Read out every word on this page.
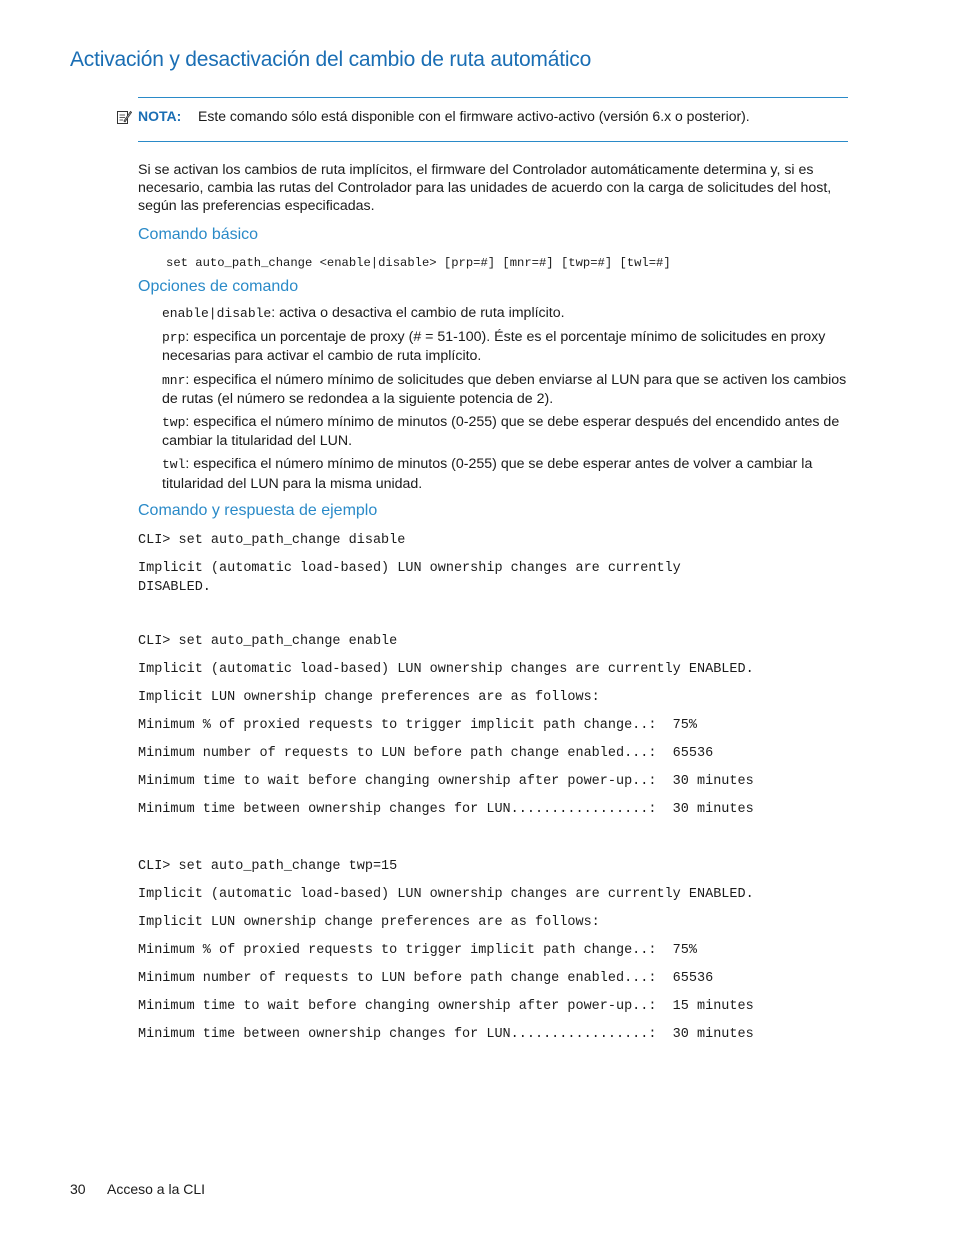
Activación y desactivación del cambio de ruta automático
NOTA: Este comando sólo está disponible con el firmware activo-activo (versión 6.x o posterior).
Si se activan los cambios de ruta implícitos, el firmware del Controlador automáticamente determina y, si es necesario, cambia las rutas del Controlador para las unidades de acuerdo con la carga de solicitudes del host, según las preferencias especificadas.
Comando básico
set auto_path_change <enable|disable> [prp=#] [mnr=#] [twp=#] [twl=#]
Opciones de comando
enable|disable: activa o desactiva el cambio de ruta implícito.
prp: especifica un porcentaje de proxy (# = 51-100). Éste es el porcentaje mínimo de solicitudes en proxy necesarias para activar el cambio de ruta implícito.
mnr: especifica el número mínimo de solicitudes que deben enviarse al LUN para que se activen los cambios de rutas (el número se redondea a la siguiente potencia de 2).
twp: especifica el número mínimo de minutos (0-255) que se debe esperar después del encendido antes de cambiar la titularidad del LUN.
twl: especifica el número mínimo de minutos (0-255) que se debe esperar antes de volver a cambiar la titularidad del LUN para la misma unidad.
Comando y respuesta de ejemplo
CLI> set auto_path_change disable
Implicit (automatic load-based) LUN ownership changes are currently
DISABLED.
CLI> set auto_path_change enable
Implicit (automatic load-based) LUN ownership changes are currently ENABLED.
Implicit LUN ownership change preferences are as follows:
Minimum % of proxied requests to trigger implicit path change..:  75%
Minimum number of requests to LUN before path change enabled...:  65536
Minimum time to wait before changing ownership after power-up..:  30 minutes
Minimum time between ownership changes for LUN.................:  30 minutes
CLI> set auto_path_change twp=15
Implicit (automatic load-based) LUN ownership changes are currently ENABLED.
Implicit LUN ownership change preferences are as follows:
Minimum % of proxied requests to trigger implicit path change..:  75%
Minimum number of requests to LUN before path change enabled...:  65536
Minimum time to wait before changing ownership after power-up..:  15 minutes
Minimum time between ownership changes for LUN.................:  30 minutes
30 Acceso a la CLI
